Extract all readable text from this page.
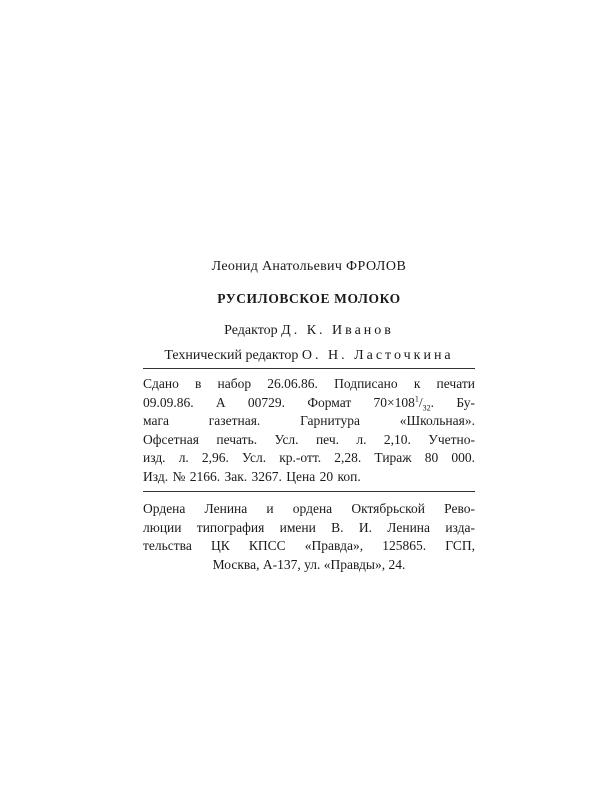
Леонид Анатольевич ФРОЛОВ
РУСИЛОВСКОЕ МОЛОКО
Редактор Д. К. Иванов
Технический редактор О. Н. Ласточкина
Сдано в набор 26.06.86. Подписано к печати
09.09.86. А 00729. Формат $70\times 108^1/_{32}$. Бу-
мага газетная. Гарнитура «Школьная».
Офсетная печать. Усл. печ. л. 2,10. Учетно-
изд. л. 2,96. Усл. кр.-отт. 2,28. Тираж 80 000.
Изд. № 2166. Зак. 3267. Цена 20 коп.
Ордена Ленина и ордена Октябрьской Рево-
люции типография имени В. И. Ленина изда-
тельства ЦК КПСС «Правда», 125865. ГСП,
Москва, А-137, ул. «Правды», 24.
